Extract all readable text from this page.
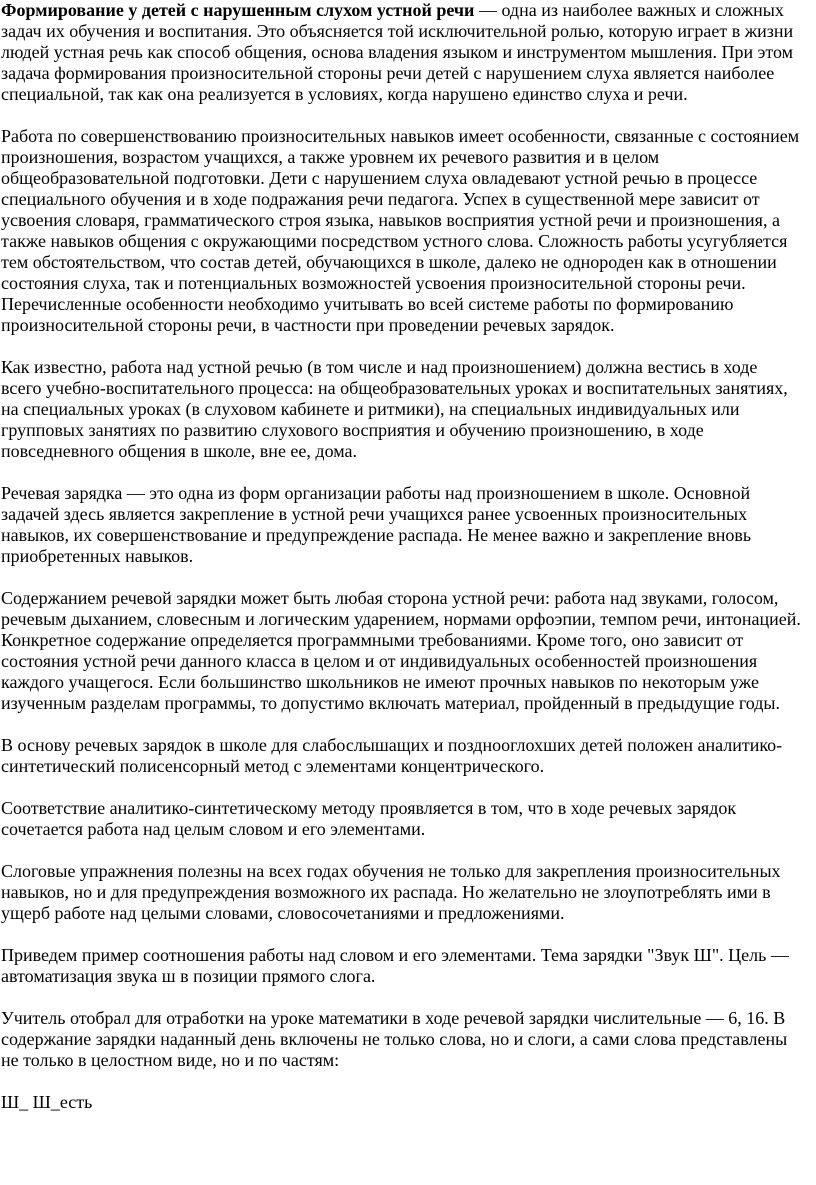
Формирование у детей с нарушенным слухом устной речи — одна из наиболее важных и сложных задач их обучения и воспитания. Это объясняется той исключительной ролью, которую играет в жизни людей устная речь как способ общения, основа владения языком и инструментом мышления. При этом задача формирования произносительной стороны речи детей с нарушением слуха является наиболее специальной, так как она реализуется в условиях, когда нарушено единство слуха и речи.

Работа по совершенствованию произносительных навыков имеет особенности, связанные с состоянием произношения, возрастом учащихся, а также уровнем их речевого развития и в целом общеобразовательной подготовки. Дети с нарушением слуха овладевают устной речью в процессе специального обучения и в ходе подражания речи педагога. Успех в существенной мере зависит от усвоения словаря, грамматического строя языка, навыков восприятия устной речи и произношения, а также навыков общения с окружающими посредством устного слова. Сложность работы усугубляется тем обстоятельством, что состав детей, обучающихся в школе, далеко не однороден как в отношении состояния слуха, так и потенциальных возможностей усвоения произносительной стороны речи. Перечисленные особенности необходимо учитывать во всей системе работы по формированию произносительной стороны речи, в частности при проведении речевых зарядок.

Как известно, работа над устной речью (в том числе и над произношением) должна вестись в ходе всего учебно-воспитательного процесса: на общеобразовательных уроках и воспитательных занятиях, на специальных уроках (в слуховом кабинете и ритмики), на специальных индивидуальных или групповых занятиях по развитию слухового восприятия и обучению произношению, в ходе повседневного общения в школе, вне ее, дома.

Речевая зарядка — это одна из форм организации работы над произношением в школе. Основной задачей здесь является закрепление в устной речи учащихся ранее усвоенных произносительных навыков, их совершенствование и предупреждение распада. Не менее важно и закрепление вновь приобретенных навыков.

Содержанием речевой зарядки может быть любая сторона устной речи: работа над звуками, голосом, речевым дыханием, словесным и логическим ударением, нормами орфоэпии, темпом речи, интонацией. Конкретное содержание определяется программными требованиями. Кроме того, оно зависит от состояния устной речи данного класса в целом и от индивидуальных особенностей произношения каждого учащегося. Если большинство школьников не имеют прочных навыков по некоторым уже изученным разделам программы, то допустимо включать материал, пройденный в предыдущие годы.

В основу речевых зарядок в школе для слабослышащих и позднооглохших детей положен аналитико-синтетический полисенсорный метод с элементами концентрического.

Соответствие аналитико-синтетическому методу проявляется в том, что в ходе речевых зарядок сочетается работа над целым словом и его элементами.

Слоговые упражнения полезны на всех годах обучения не только для закрепления произносительных навыков, но и для предупреждения возможного их распада. Но желательно не злоупотреблять ими в ущерб работе над целыми словами, словосочетаниями и предложениями.

Приведем пример соотношения работы над словом и его элементами. Тема зарядки "Звук Ш". Цель — автоматизация звука ш в позиции прямого слога.

Учитель отобрал для отработки на уроке математики в ходе речевой зарядки числительные — 6, 16. В содержание зарядки наданный день включены не только слова, но и слоги, а сами слова представлены не только в целостном виде, но и по частям:

Ш_ Ш_есть
